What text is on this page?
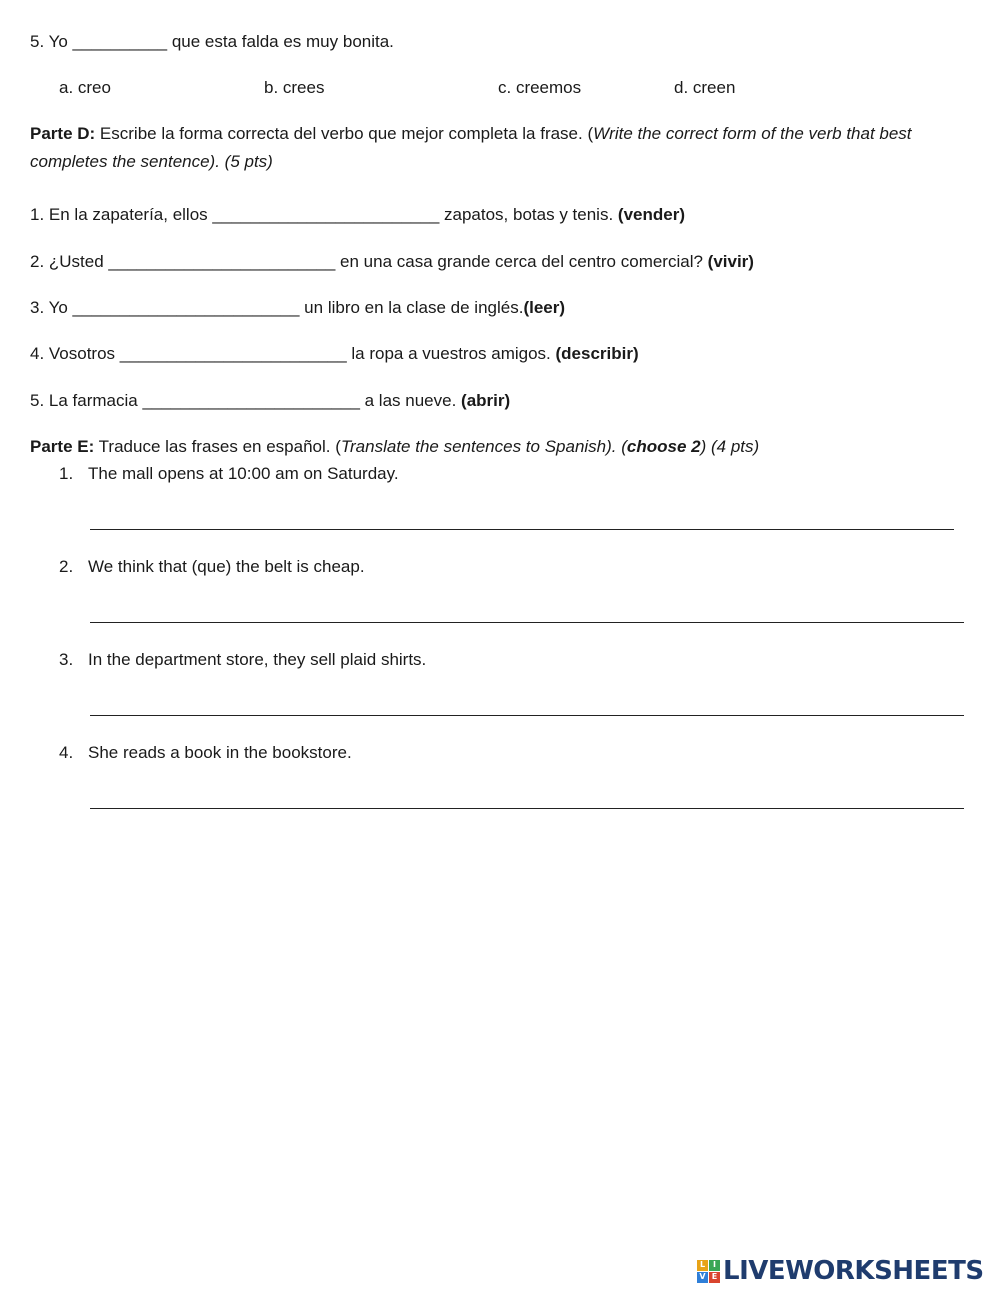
5. Yo __________ que esta falda es muy bonita.
a. creo	b. crees	c. creemos	d. creen
Parte D: Escribe la forma correcta del verbo que mejor completa la frase. (Write the correct form of the verb that best
completes the sentence). (5 pts)
1. En la zapatería, ellos ________________________ zapatos, botas y tenis. (vender)
2. ¿Usted ________________________ en una casa grande cerca del centro comercial? (vivir)
3. Yo ________________________ un libro en la clase de inglés.(leer)
4. Vosotros ________________________ la ropa a vuestros amigos. (describir)
5. La farmacia _______________________ a las nueve. (abrir)
Parte E: Traduce las frases en español. (Translate the sentences to Spanish). (choose 2) (4 pts)
1. The mall opens at 10:00 am on Saturday.
2. We think that (que) the belt is cheap.
3. In the department store, they sell plaid shirts.
4. She reads a book in the bookstore.
L I
V E LIVEWORKSHEETS
